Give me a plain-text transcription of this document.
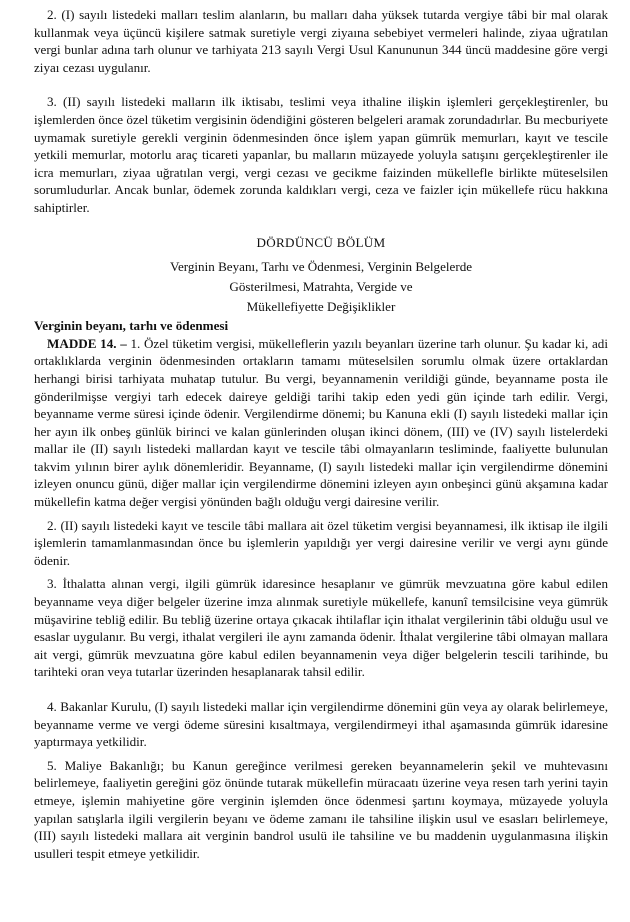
2. (I) sayılı listedeki malları teslim alanların, bu malları daha yüksek tutarda vergiye tâbi bir mal olarak kullanmak veya üçüncü kişilere satmak suretiyle vergi ziyaına sebebiyet vermeleri halinde, ziyaa uğratılan vergi bunlar adına tarh olunur ve tarhiyata 213 sayılı Vergi Usul Kanununun 344 üncü maddesine göre vergi ziyaı cezası uygulanır.

3. (II) sayılı listedeki malların ilk iktisabı, teslimi veya ithaline ilişkin işlemleri gerçekleştirenler, bu işlemlerden önce özel tüketim vergisinin ödendiğini gösteren belgeleri aramak zorundadırlar. Bu mecburiyete uymamak suretiyle gerekli verginin ödenmesinden önce işlem yapan gümrük memurları, kayıt ve tescile yetkili memurlar, motorlu araç ticareti yapanlar, bu malların müzayede yoluyla satışını gerçekleştirenler ile icra memurları, ziyaa uğratılan vergi, vergi cezası ve gecikme faizinden mükellefle birlikte müteselsilen sorumludurlar. Ancak bunlar, ödemek zorunda kaldıkları vergi, ceza ve faizler için mükellefe rücu hakkına sahiptirler.

DÖRDÜNCÜ BÖLÜM

Verginin Beyanı, Tarhı ve Ödenmesi, Verginin Belgelerde

Gösterilmesi, Matrahta, Vergide ve

Mükellefiyette Değişiklikler

Verginin beyanı, tarhı ve ödenmesi

MADDE 14. – 1. Özel tüketim vergisi, mükelleflerin yazılı beyanları üzerine tarh olunur. Şu kadar ki, adi ortaklıklarda verginin ödenmesinden ortakların tamamı müteselsilen sorumlu olmak üzere ortaklardan herhangi birisi tarhiyata muhatap tutulur. Bu vergi, beyannamenin verildiği günde, beyanname posta ile gönderilmişse vergiyi tarh edecek daireye geldiği tarihi takip eden yedi gün içinde tarh edilir. Vergi, beyanname verme süresi içinde ödenir. Vergilendirme dönemi; bu Kanuna ekli (I) sayılı listedeki mallar için her ayın ilk onbeş günlük birinci ve kalan günlerinden oluşan ikinci dönem, (III) ve (IV) sayılı listelerdeki mallar ile (II) sayılı listedeki mallardan kayıt ve tescile tâbi olmayanların tesliminde, faaliyette bulunulan takvim yılının birer aylık dönemleridir. Beyanname, (I) sayılı listedeki mallar için vergilendirme dönemini izleyen onuncu günü, diğer mallar için vergilendirme dönemini izleyen ayın onbeşinci günü akşamına kadar mükellefin katma değer vergisi yönünden bağlı olduğu vergi dairesine verilir.

2. (II) sayılı listedeki kayıt ve tescile tâbi mallara ait özel tüketim vergisi beyannamesi, ilk iktisap ile ilgili işlemlerin tamamlanmasından önce bu işlemlerin yapıldığı yer vergi dairesine verilir ve vergi aynı günde ödenir.

3. İthalatta alınan vergi, ilgili gümrük idaresince hesaplanır ve gümrük mevzuatına göre kabul edilen beyanname veya diğer belgeler üzerine imza alınmak suretiyle mükellefe, kanunî temsilcisine veya gümrük müşavirine tebliğ edilir. Bu tebliğ üzerine ortaya çıkacak ihtilaflar için ithalat vergilerinin tâbi olduğu usul ve esaslar uygulanır. Bu vergi, ithalat vergileri ile aynı zamanda ödenir. İthalat vergilerine tâbi olmayan mallara ait vergi, gümrük mevzuatına göre kabul edilen beyannamenin veya diğer belgelerin tescili tarihinde, bu tarihteki oran veya tutarlar üzerinden hesaplanarak tahsil edilir.

4. Bakanlar Kurulu, (I) sayılı listedeki mallar için vergilendirme dönemini gün veya ay olarak belirlemeye, beyanname verme ve vergi ödeme süresini kısaltmaya, vergilendirmeyi ithal aşamasında gümrük idaresine yaptırmaya yetkilidir.

5. Maliye Bakanlığı; bu Kanun gereğince verilmesi gereken beyannamelerin şekil ve muhtevasını belirlemeye, faaliyetin gereğini göz önünde tutarak mükellefin müracaatı üzerine veya resen tarh yerini tayin etmeye, işlemin mahiyetine göre verginin işlemden önce ödenmesi şartını koymaya, müzayede yoluyla yapılan satışlarla ilgili vergilerin beyanı ve ödeme zamanı ile tahsiline ilişkin usul ve esasları belirlemeye, (III) sayılı listedeki mallara ait verginin bandrol usulü ile tahsiline ve bu maddenin uygulanmasına ilişkin usulleri tespit etmeye yetkilidir.
